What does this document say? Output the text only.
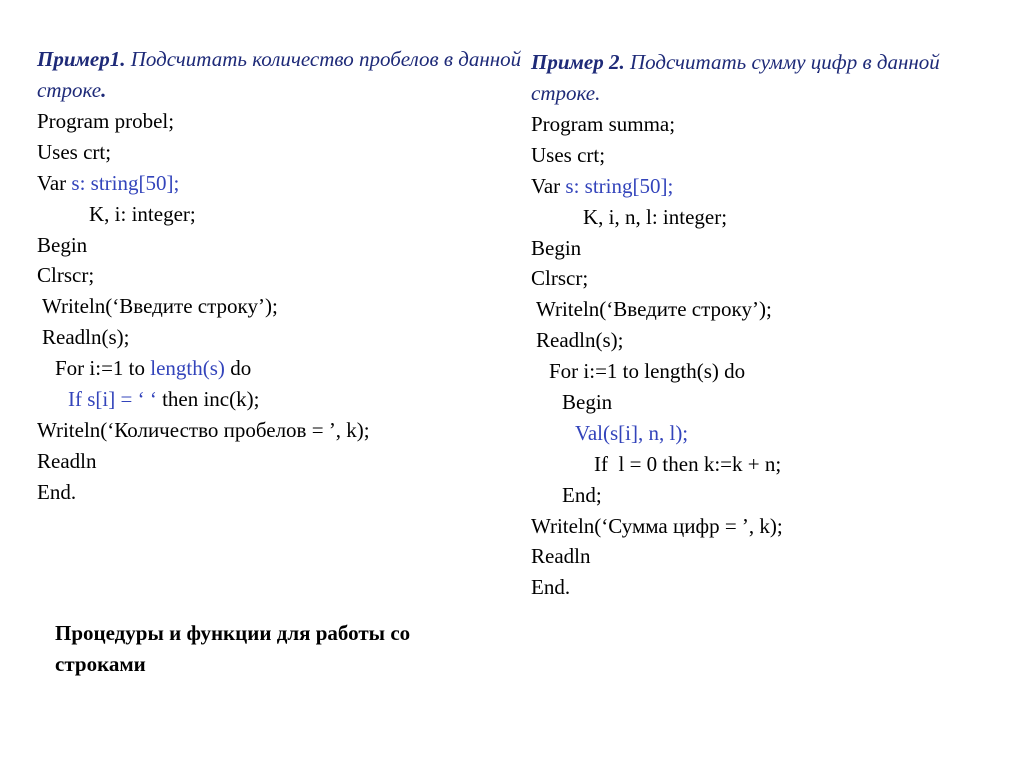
Пример1. Подсчитать количество пробелов в данной строке.
Program probel;
Uses crt;
Var s: string[50];
K, i: integer;
Begin
Clrscr;
Writeln(‘Введите строку’);
Readln(s);
For i:=1 to length(s) do
If s[i] = ‘ ‘ then inc(k);
Writeln(‘Количество пробелов = ’, k);
Readln
End.
Пример 2. Подсчитать сумму цифр в данной строке.
Program summa;
Uses crt;
Var s: string[50];
K, i, n, l: integer;
Begin
Clrscr;
Writeln(‘Введите строку’);
Readln(s);
For i:=1 to length(s) do
Begin
Val(s[i], n, l);
If  l = 0 then k:=k + n;
End;
Writeln(‘Сумма цифр = ’, k);
Readln
End.
Процедуры и функции для работы со строками
